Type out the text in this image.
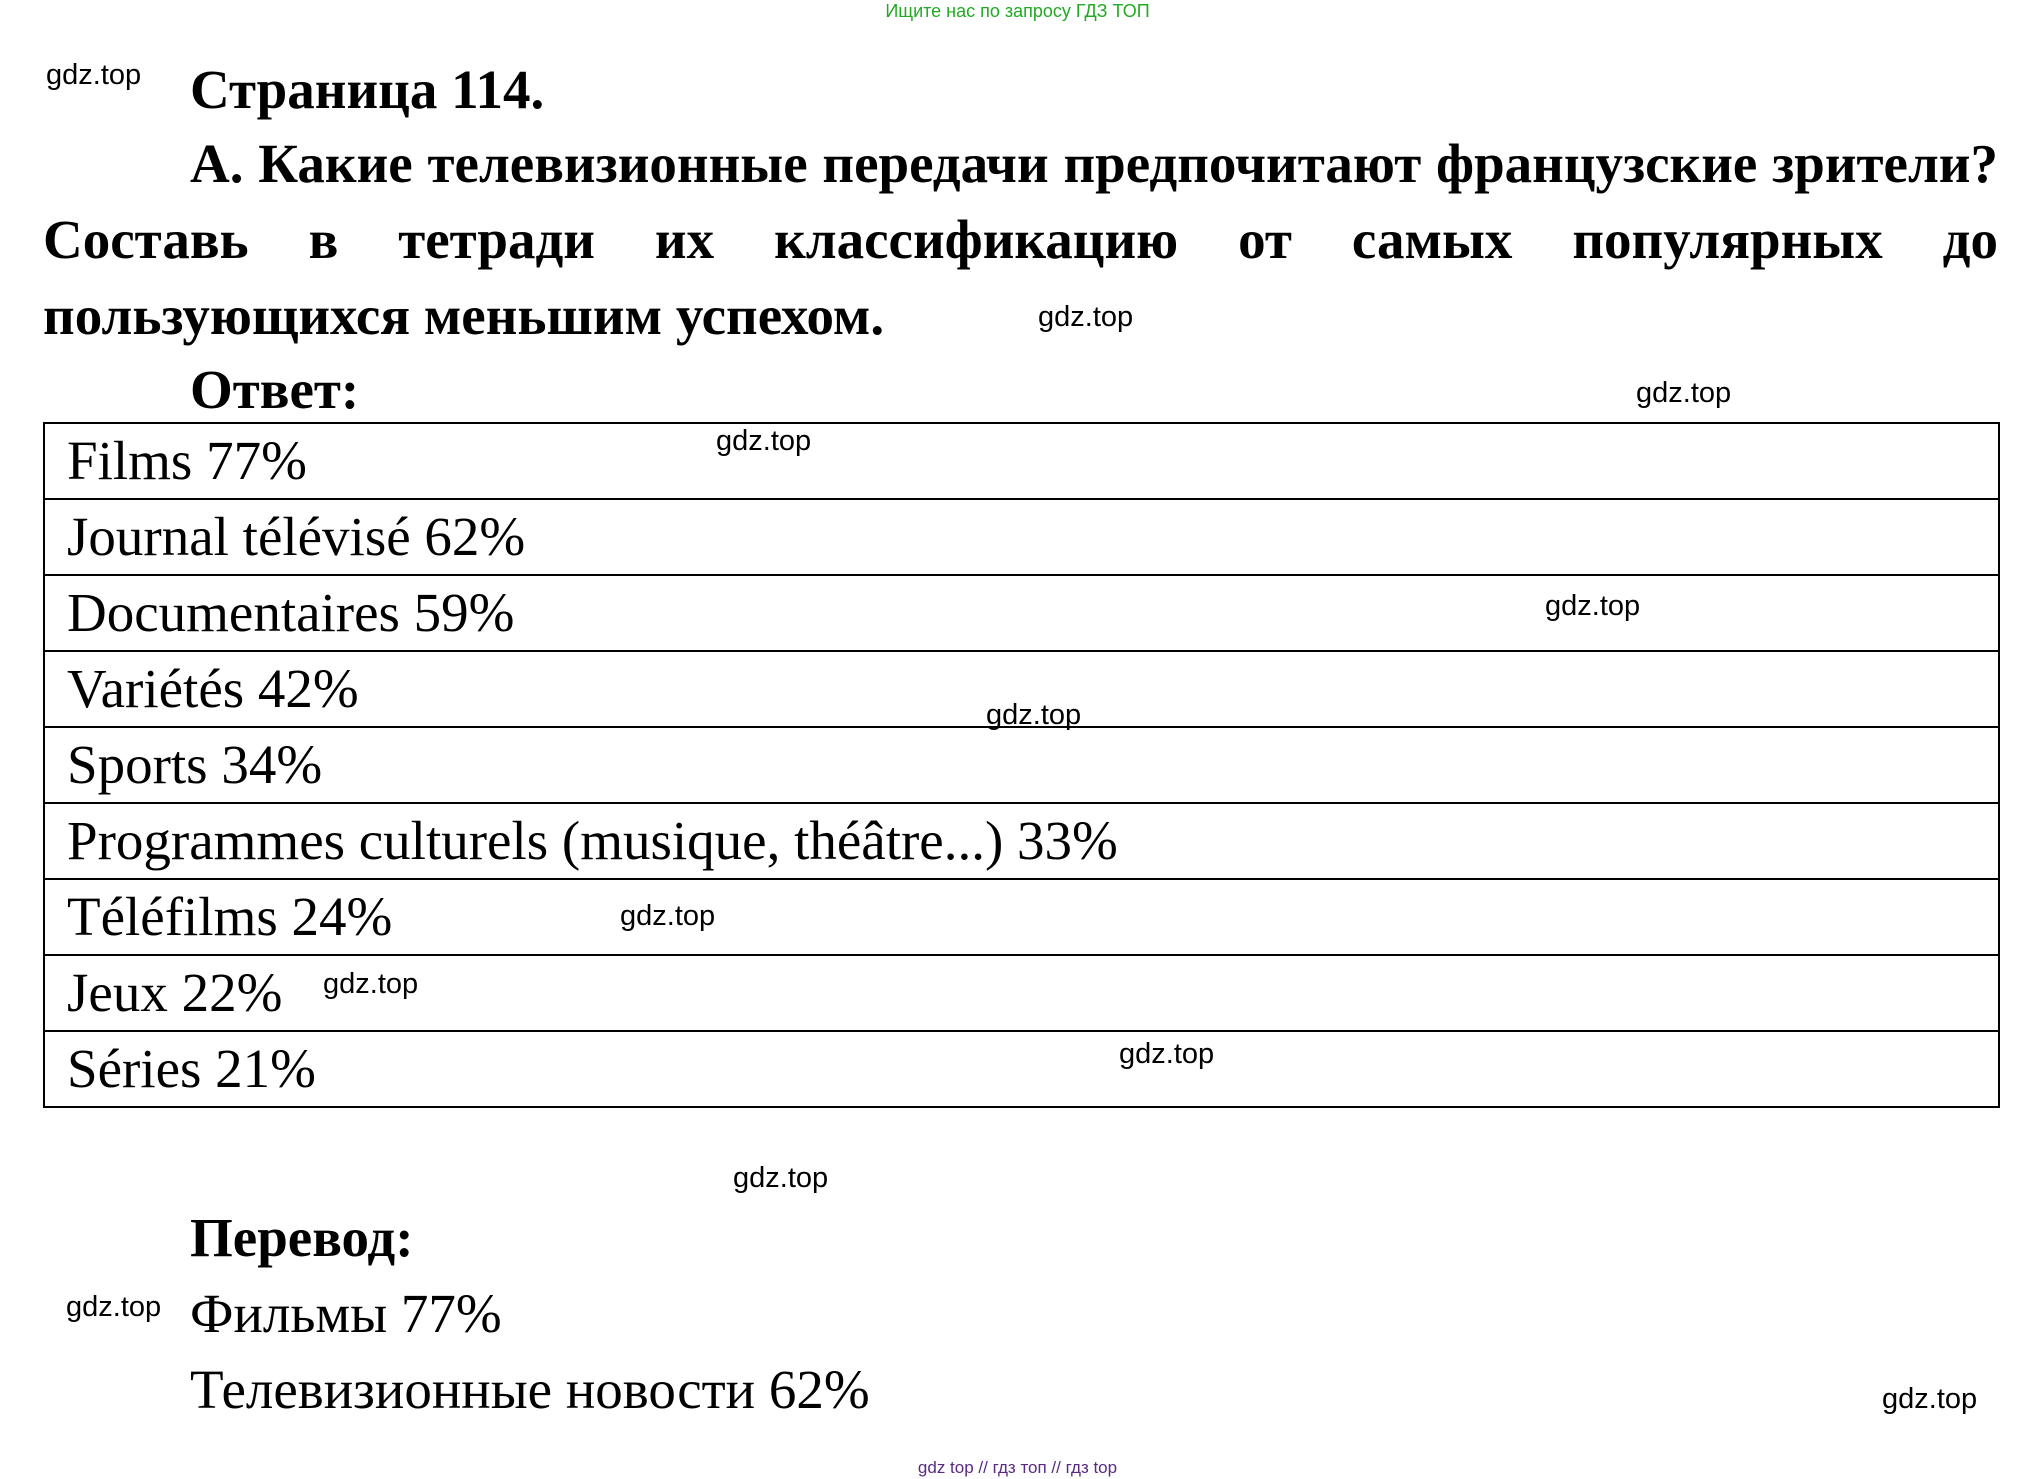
Ищите нас по запросу ГДЗ ТОП
Страница 114.

А. Какие телевизионные передачи предпочитают французские зрители? Составь в тетради их классификацию от самых популярных до пользующихся меньшим успехом.

Ответ:

Films 77%
Journal télévisé 62%
Documentaires 59%
Variétés 42%
Sports 34%
Programmes culturels (musique, théâtre...) 33%
Téléfilms 24%
Jeux 22%
Séries 21%

Перевод:

Фильмы 77%

Телевизионные новости 62%

gdz.top
gdz.top
gdz.top
gdz.top
gdz.top
gdz.top
gdz.top
gdz.top
gdz.top
gdz.top
gdz.top
gdz.top
gdz top // гдз топ // гдз top
